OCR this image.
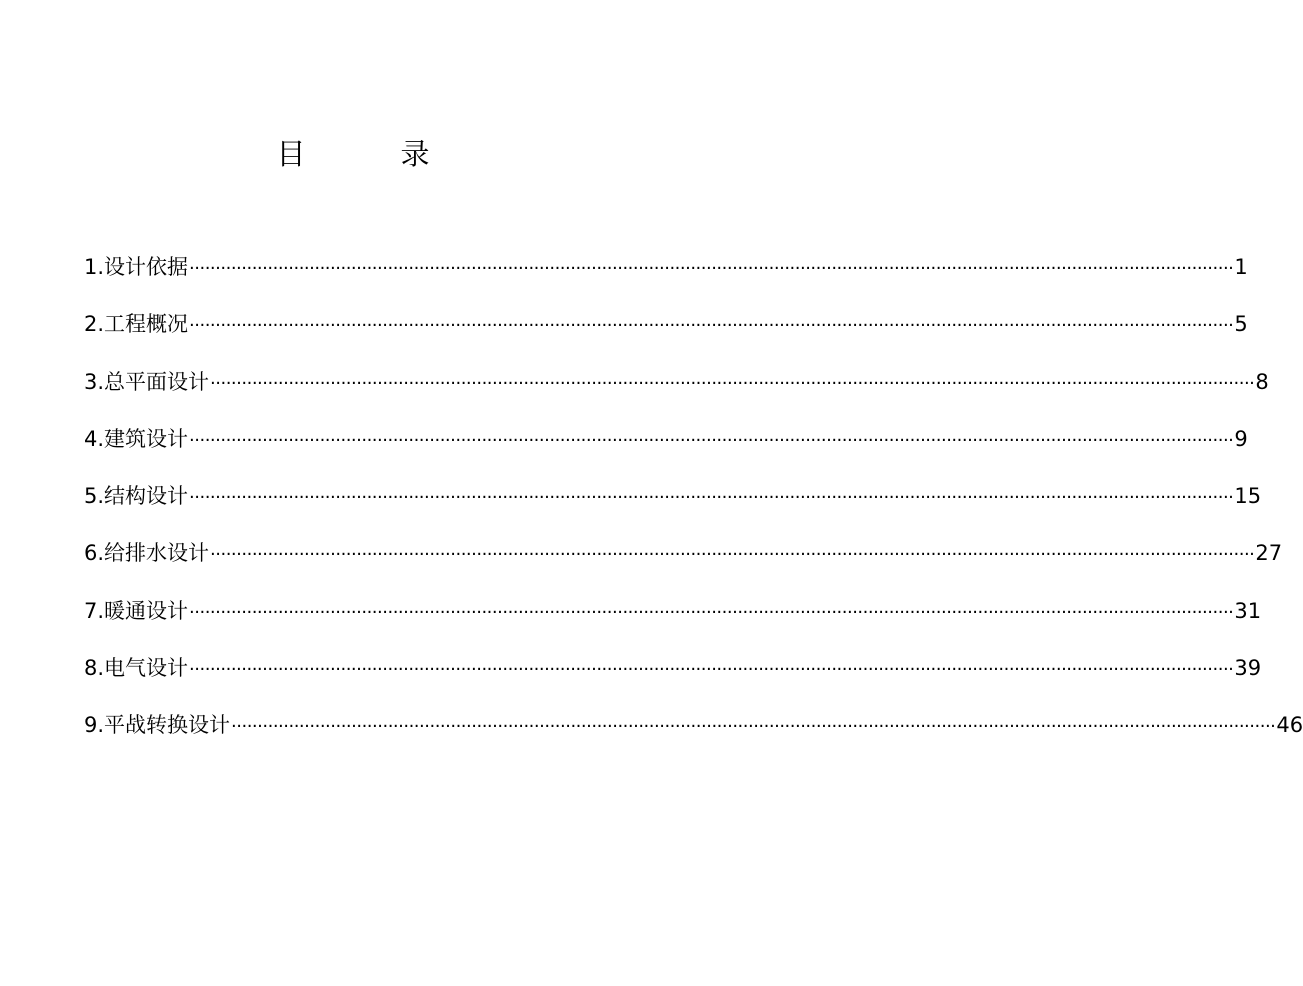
目　录
1.设计依据 ········································································································································································································ 1
2.工程概况 ········································································································································································································ 5
3.总平面设计 ········································································································································································································ 8
4.建筑设计 ········································································································································································································ 9
5.结构设计 ········································································································································································································ 15
6.给排水设计 ········································································································································································································ 27
7.暖通设计 ········································································································································································································ 31
8.电气设计 ········································································································································································································ 39
9.平战转换设计 ········································································································································································································ 46
